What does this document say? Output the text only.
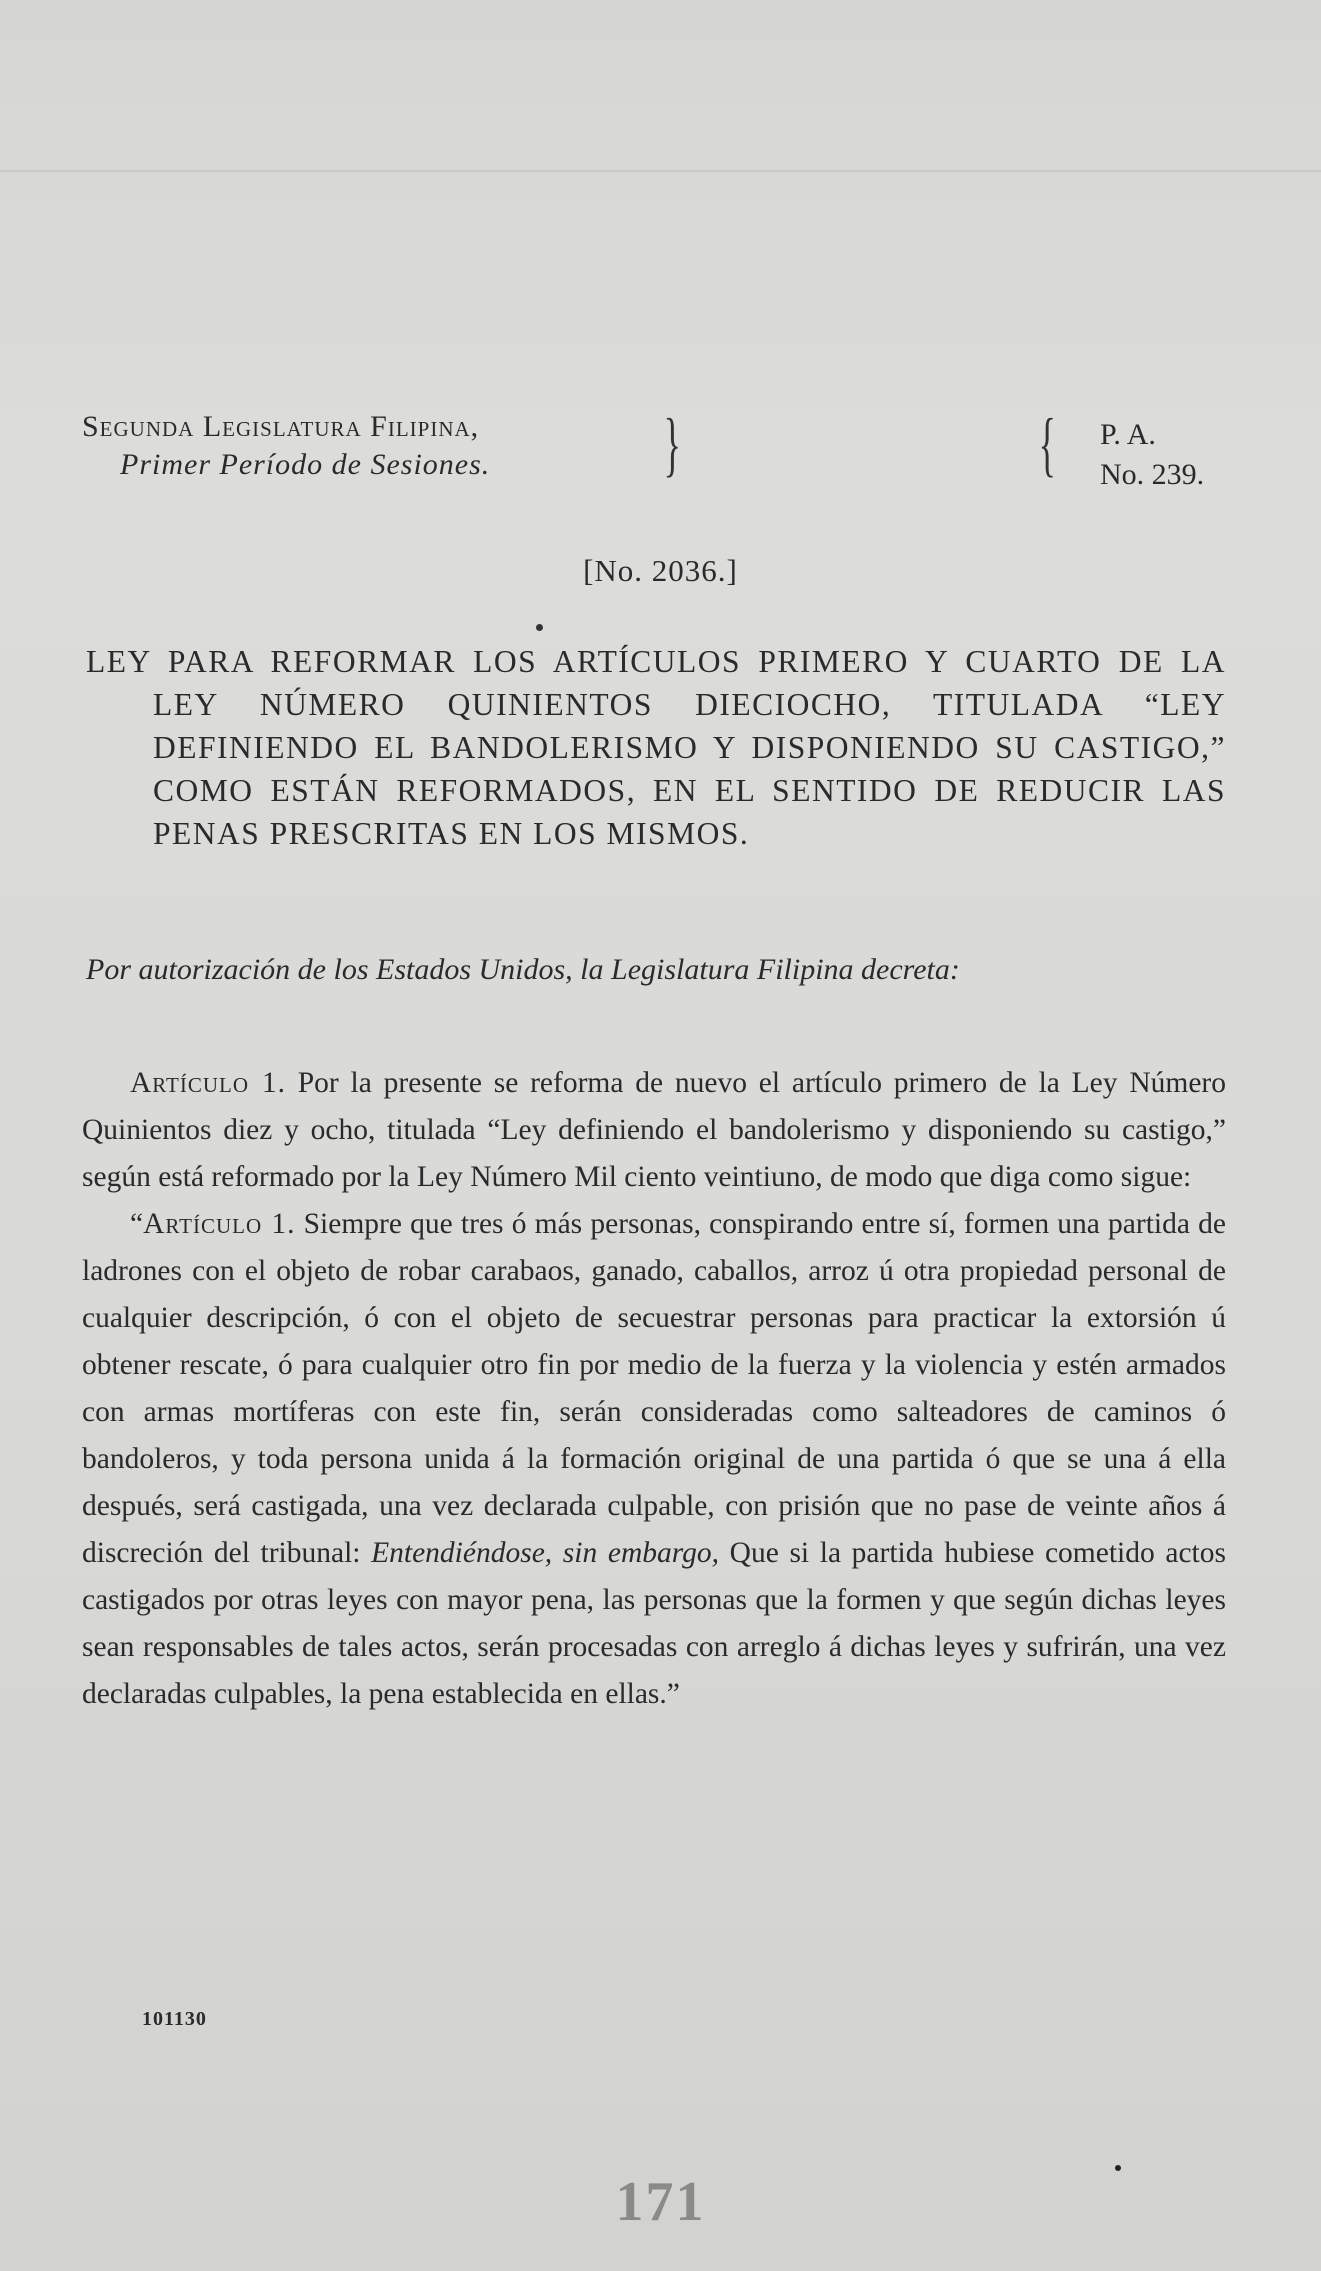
Segunda Legislatura Filipina,
Primer Período de Sesiones. }	{ P. A.
No. 239.
[No. 2036.]

LEY PARA REFORMAR LOS ARTÍCULOS PRIMERO Y CUARTO DE LA LEY NÚMERO QUINIENTOS DIECIOCHO, TITULADA “LEY DEFINIENDO EL BANDOLERISMO Y DISPONIENDO SU CASTIGO,” COMO ESTÁN REFORMADOS, EN EL SENTIDO DE REDUCIR LAS PENAS PRESCRITAS EN LOS MISMOS.

Por autorización de los Estados Unidos, la Legislatura Filipina decreta:

Artículo 1. Por la presente se reforma de nuevo el artículo primero de la Ley Número Quinientos diez y ocho, titulada “Ley definiendo el bandolerismo y disponiendo su castigo,” según está reformado por la Ley Número Mil ciento veintiuno, de modo que diga como sigue:

“Artículo 1. Siempre que tres ó más personas, conspirando entre sí, formen una partida de ladrones con el objeto de robar carabaos, ganado, caballos, arroz ú otra propiedad personal de cualquier descripción, ó con el objeto de secuestrar personas para practicar la extorsión ú obtener rescate, ó para cualquier otro fin por medio de la fuerza y la violencia y estén armados con armas mortíferas con este fin, serán consideradas como salteadores de caminos ó bandoleros, y toda persona unida á la formación original de una partida ó que se una á ella después, será castigada, una vez declarada culpable, con prisión que no pase de veinte años á discreción del tribunal: Entendiéndose, sin embargo, Que si la partida hubiese cometido actos castigados por otras leyes con mayor pena, las personas que la formen y que según dichas leyes sean responsables de tales actos, serán procesadas con arreglo á dichas leyes y sufrirán, una vez declaradas culpables, la pena establecida en ellas.”

101130
171
